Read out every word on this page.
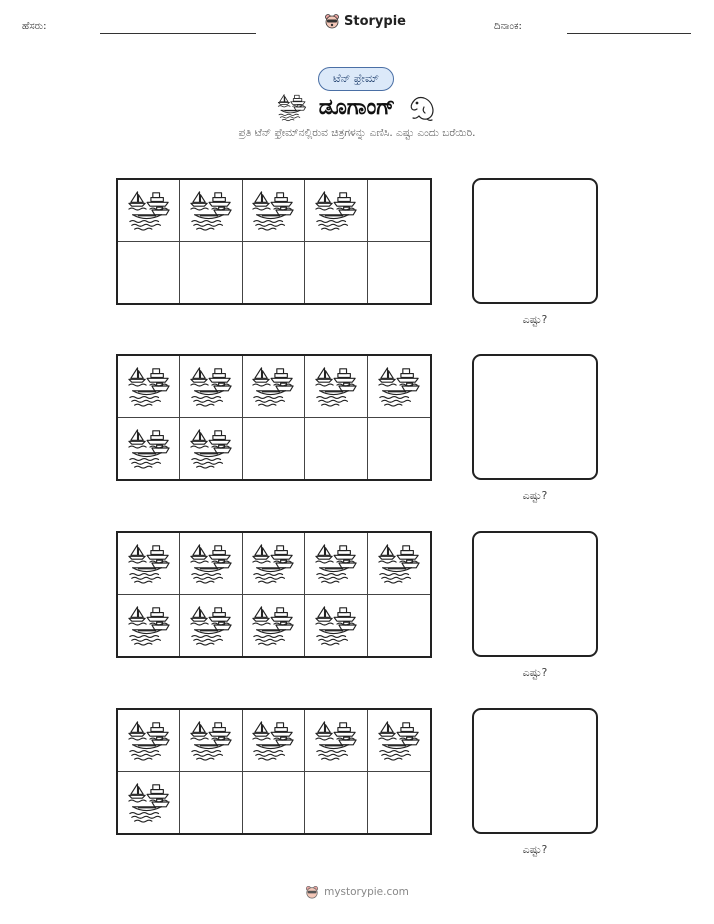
ಹೆಸರು:	Storypie	ದಿನಾಂಕ:
ಟೆನ್ ಫ್ರೇಮ್
ಡೂಗಾಂಗ್
ಪ್ರತಿ ಟೆನ್ ಫ್ರೇಮ್‌ನಲ್ಲಿರುವ ಚಿತ್ರಗಳನ್ನು ಎಣಿಸಿ. ಎಷ್ಟು ಎಂದು ಬರೆಯಿರಿ.
ಎಷ್ಟು?
ಎಷ್ಟು?
ಎಷ್ಟು?
ಎಷ್ಟು?
mystorypie.com
